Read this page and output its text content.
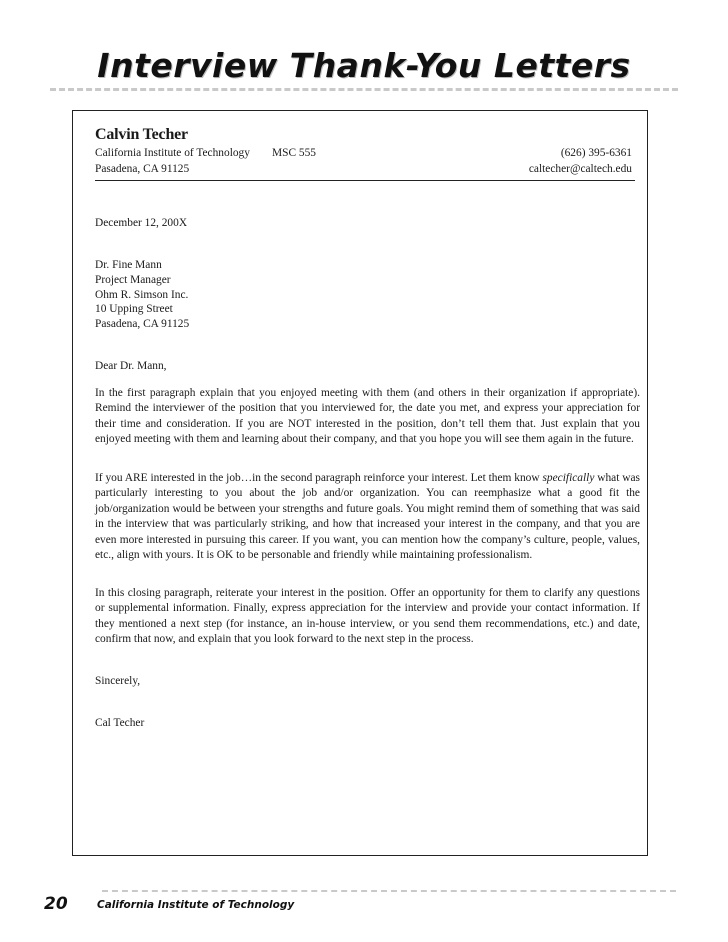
Interview Thank-You Letters
Calvin Techer
California Institute of Technology MSC 555	(626) 395-6361
Pasadena, CA 91125	caltecher@caltech.edu
December 12, 200X
Dr. Fine Mann
Project Manager
Ohm R. Simson Inc.
10 Upping Street
Pasadena, CA 91125
Dear Dr. Mann,
In the first paragraph explain that you enjoyed meeting with them (and others in their organization if appropriate). Remind the interviewer of the position that you interviewed for, the date you met, and express your appreciation for their time and consideration. If you are NOT interested in the position, don’t tell them that. Just explain that you enjoyed meeting with them and learning about their company, and that you hope you will see them again in the future.
If you ARE interested in the job…in the second paragraph reinforce your interest. Let them know specifically what was particularly interesting to you about the job and/or organization. You can reemphasize what a good fit the job/organization would be between your strengths and future goals. You might remind them of something that was said in the interview that was particularly striking, and how that increased your interest in the company, and that you are even more interested in pursuing this career. If you want, you can mention how the company’s culture, people, values, etc., align with yours. It is OK to be personable and friendly while maintaining professionalism.
In this closing paragraph, reiterate your interest in the position. Offer an opportunity for them to clarify any questions or supplemental information. Finally, express appreciation for the interview and provide your contact information. If they mentioned a next step (for instance, an in-house interview, or you send them recommendations, etc.) and date, confirm that now, and explain that you look forward to the next step in the process.
Sincerely,
Cal Techer
20	California Institute of Technology
